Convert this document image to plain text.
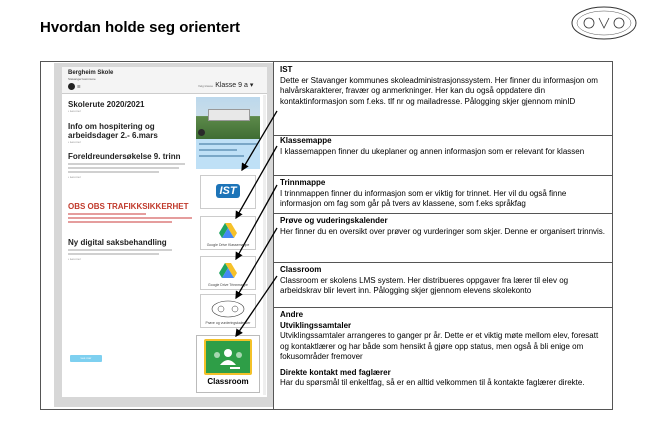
Hvordan holde seg orientert
Bergheim Skole
Stavanger kommune
☰	Velg klasse Klasse 9 a ▾
Skolerute 2020/2021
• Les mer
Info om hospitering og arbeidsdager 2.- 6.mars
• Les mer
Foreldreundersøkelse 9. trinn
• Les mer
OBS OBS TRAFIKKSIKKERHET
Ny digital saksbehandling
• Les mer
Les mer
IST
Google Drive Klassemappe
Google Drive Trinnmappe
Prøve og vurderingskalender
Classroom
IST
Dette er Stavanger kommunes skoleadministrasjonssystem. Her finner du informasjon om halvårskarakterer, fravær og anmerkninger. Her kan du også oppdatere din kontaktinformasjon som f.eks. tlf nr og mailadresse. Pålogging skjer gjennom minID
Klassemappe
I klassemappen finner du ukeplaner og annen informasjon som er relevant for klassen
Trinnmappe
I trinnmappen finner du informasjon som er viktig for trinnet. Her vil du også finne informasjon om fag som går på tvers av klassene, som f.eks språkfag
Prøve og vuderingskalender
Her finner du en oversikt over prøver og vurderinger som skjer. Denne er organisert trinnvis.
Classroom
Classroom er skolens LMS system. Her distribueres oppgaver fra lærer til elev og arbeidskrav blir levert inn. Pålogging skjer gjennom elevens skolekonto
Andre
Utviklingssamtaler
Utviklingssamtaler arrangeres to ganger pr år. Dette er et viktig møte mellom elev, foresatt og kontaktlærer og har både som hensikt å gjøre opp status, men også å bli enige om fokusområder fremover

Direkte kontakt med faglærer
Har du spørsmål til enkeltfag, så er en alltid velkommen til å kontakte faglærer direkte.
